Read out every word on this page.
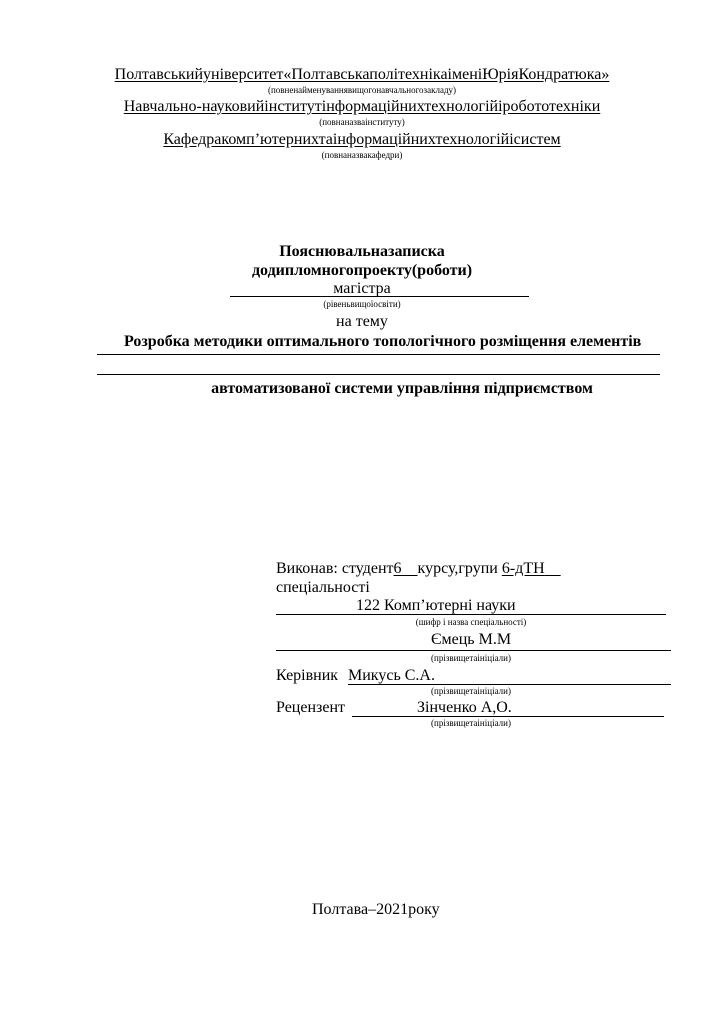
Полтавськийуніверситет«ПолтавськаполітехнікаіменіЮріяКондратюка»
(повненайменуваннявищогонавчальногозакладу)
Навчально-науковийінститутінформаційнихтехнологійіробототехніки
(повнаназваінституту)
Кафедракомп’ютернихтаінформаційнихтехнологійісистем
(повнаназвакафедри)
Пояснювальназаписка
додипломногопроекту(роботи)
магістра
(рівеньвищоїосвіти)
на тему
Розробка методики оптимального топологічного розміщення елементів
автоматизованої системи управління підприємством
Виконав: студент6 курсу,групи 6-дТН
спеціальності
122 Комп’ютерні науки
(шифр і назва спеціальності)
Ємець М.М
(прізвищетаініціали)
Керівник Микусь С.А.
(прізвищетаініціали)
Рецензент	Зінченко А,О.
(прізвищетаініціали)
Полтава–2021року
